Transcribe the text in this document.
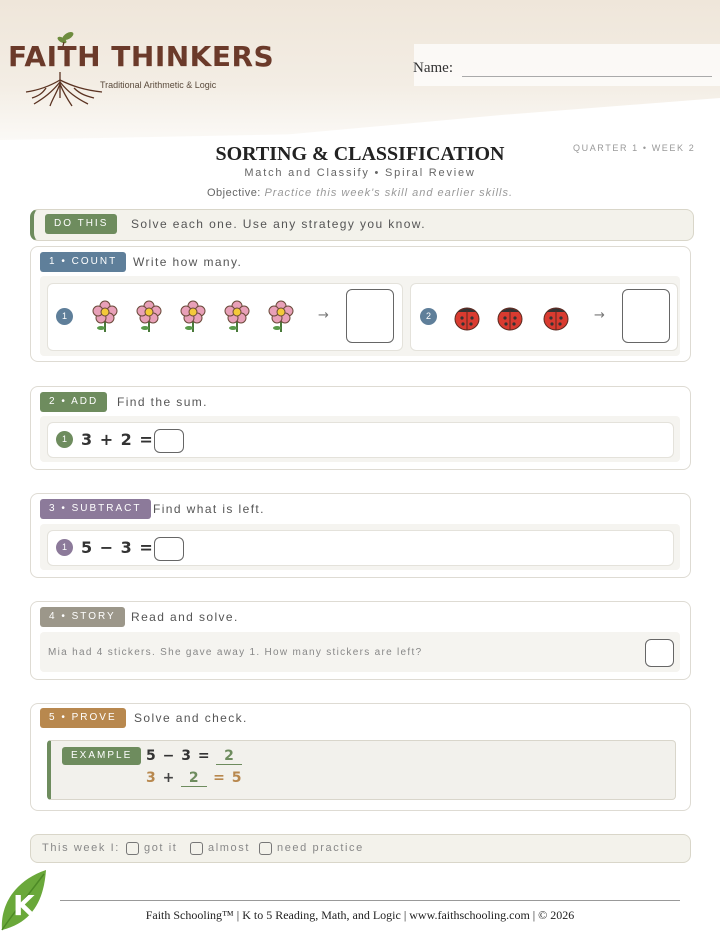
FAITH THINKERS
Traditional Arithmetic & Logic
Name:
SORTING & CLASSIFICATION	QUARTER 1 • WEEK 2
Match and Classify • Spiral Review
Objective: Practice this week's skill and earlier skills.
DO THIS	Solve each one. Use any strategy you know.
1 • COUNT	Write how many.
1	→	2	→
2 • ADD	Find the sum.
1 3 + 2 =
3 • SUBTRACT Find what is left.
1 5 − 3 =
4 • STORY	Read and solve.
Mia had 4 stickers. She gave away 1. How many stickers are left?
5 • PROVE	Solve and check.
EXAMPLE 5 − 3 = 2
3 + 2 = 5
This week I: got it	almost need practice
K	Faith Schooling™ | K to 5 Reading, Math, and Logic | www.faithschooling.com | © 2026
